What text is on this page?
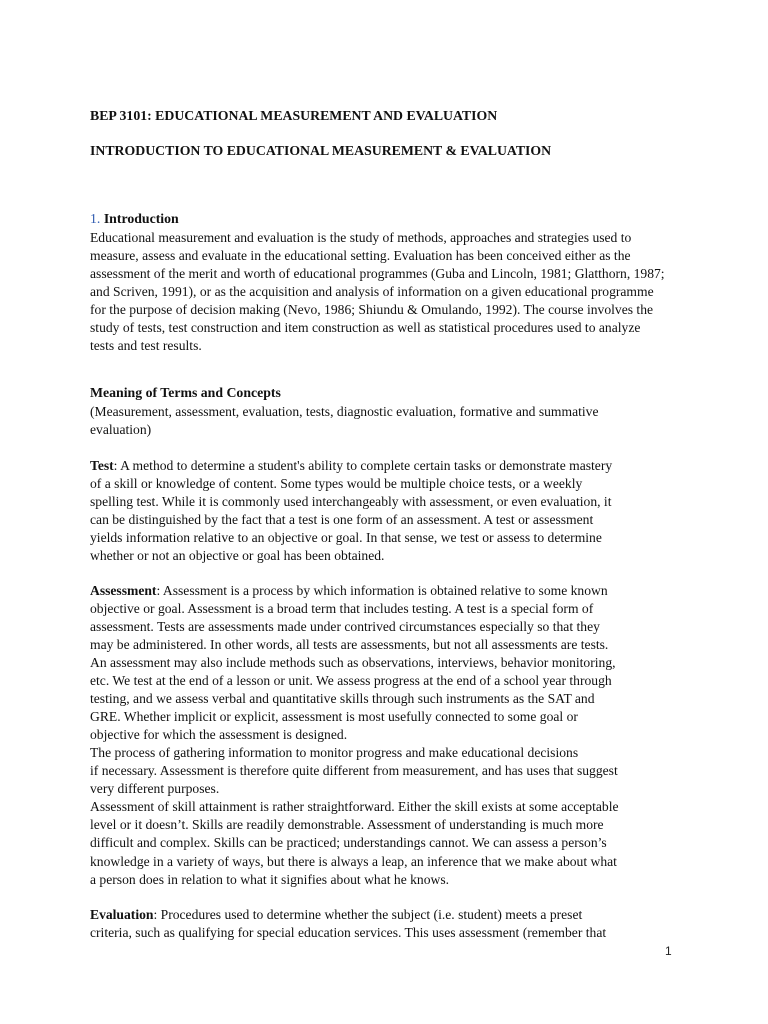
BEP 3101: EDUCATIONAL MEASUREMENT AND EVALUATION
INTRODUCTION TO EDUCATIONAL MEASUREMENT & EVALUATION
1. Introduction
Educational measurement and evaluation is the study of methods, approaches and strategies used to
measure, assess and evaluate in the educational setting. Evaluation has been conceived either as the
assessment of the merit and worth of educational programmes (Guba and Lincoln, 1981; Glatthorn, 1987;
and Scriven, 1991), or as the acquisition and analysis of information on a given educational programme
for the purpose of decision making (Nevo, 1986; Shiundu & Omulando, 1992). The course involves the
study of tests, test construction and item construction as well as statistical procedures used to analyze
tests and test results.
Meaning of Terms and Concepts
(Measurement, assessment, evaluation, tests, diagnostic evaluation, formative and summative
evaluation)
Test: A method to determine a student's ability to complete certain tasks or demonstrate mastery
of a skill or knowledge of content. Some types would be multiple choice tests, or a weekly
spelling test. While it is commonly used interchangeably with assessment, or even evaluation, it
can be distinguished by the fact that a test is one form of an assessment. A test or assessment
yields information relative to an objective or goal. In that sense, we test or assess to determine
whether or not an objective or goal has been obtained.
Assessment: Assessment is a process by which information is obtained relative to some known
objective or goal. Assessment is a broad term that includes testing. A test is a special form of
assessment. Tests are assessments made under contrived circumstances especially so that they
may be administered. In other words, all tests are assessments, but not all assessments are tests.
An assessment may also include methods such as observations, interviews, behavior monitoring,
etc. We test at the end of a lesson or unit. We assess progress at the end of a school year through
testing, and we assess verbal and quantitative skills through such instruments as the SAT and
GRE. Whether implicit or explicit, assessment is most usefully connected to some goal or
objective for which the assessment is designed.
The process of gathering information to monitor progress and make educational decisions
if necessary. Assessment is therefore quite different from measurement, and has uses that suggest
very different purposes.
Assessment of skill attainment is rather straightforward. Either the skill exists at some acceptable
level or it doesn’t. Skills are readily demonstrable. Assessment of understanding is much more
difficult and complex. Skills can be practiced; understandings cannot. We can assess a person’s
knowledge in a variety of ways, but there is always a leap, an inference that we make about what
a person does in relation to what it signifies about what he knows.
Evaluation: Procedures used to determine whether the subject (i.e. student) meets a preset
criteria, such as qualifying for special education services. This uses assessment (remember that
1
